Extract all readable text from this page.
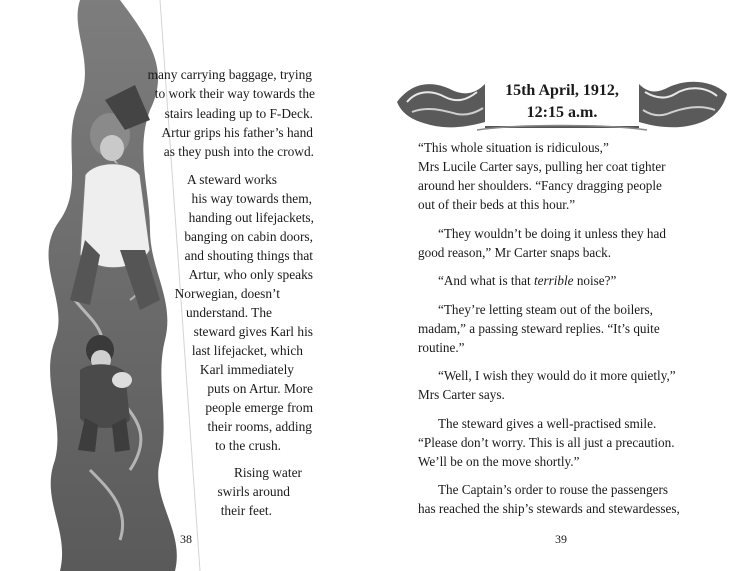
many carrying baggage, trying
to work their way towards the
stairs leading up to F-Deck.
Artur grips his father’s hand
as they push into the crowd.
A steward works
his way towards them,
handing out lifejackets,
banging on cabin doors,
and shouting things that
Artur, who only speaks
Norwegian, doesn’t
understand. The
steward gives Karl his
last lifejacket, which
Karl immediately
puts on Artur. More
people emerge from
their rooms, adding
to the crush.
Rising water
swirls around
their feet.
38
15th April, 1912,
12:15 a.m.

“This whole situation is ridiculous,”
Mrs Lucile Carter says, pulling her coat tighter
around her shoulders. “Fancy dragging people
out of their beds at this hour.”

“They wouldn’t be doing it unless they had
good reason,” Mr Carter snaps back.

“And what is that terrible noise?”

“They’re letting steam out of the boilers,
madam,” a passing steward replies. “It’s quite
routine.”

“Well, I wish they would do it more quietly,”
Mrs Carter says.

The steward gives a well-practised smile.
“Please don’t worry. This is all just a precaution.
We’ll be on the move shortly.”

The Captain’s order to rouse the passengers
has reached the ship’s stewards and stewardesses,

39
